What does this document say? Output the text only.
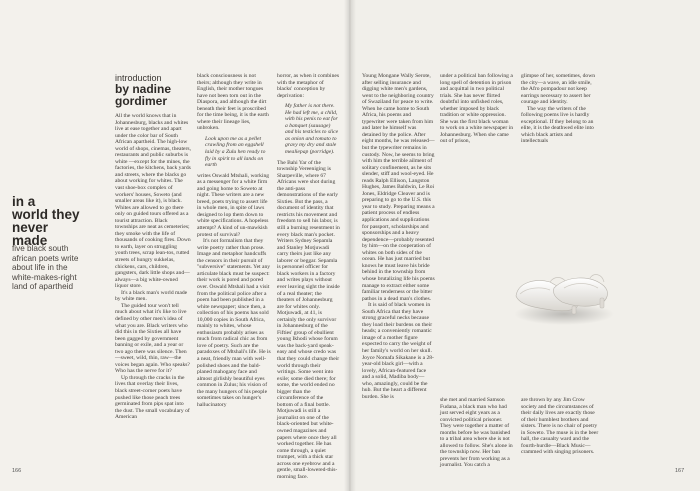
introduction
by nadine
gordimer
in a
world they
never
made
five black south
african poets write
about life in the
white-makes-right
land of apartheid

All the world knows that in Johannesburg, blacks and whites live at ease together and apart under the color bar of South African apartheid. The high-low world of shops, cinemas, theaters, restaurants and public suburbs is white —except for the mines, the factories, the kitchens, back yards and streets, where the blacks go about working for whites. The vast shoe-box complex of workers' houses, Soweto (and smaller areas like it), is black. Whites are allowed to go there only on guided tours offered as a tourist attraction. Black townships are neat as cemeteries; they smoke with the life of thousands of cooking fires. Down to earth, layer on struggling youth trees, scrap lean-tos, rutted streets of hungry sukkelas, chickens, cars, children, gangsters, dark little shops and—always—a big white-owned liquor store.

It's a black man's world made by white men.

The guided tour won't tell much about what it's like to live defined by other men's idea of what you are. Black writers who did this in the Sixties all have been gagged by government banning or exile, and a year or two ago there was silence. Then—sweet, wild, thin, raw—the voices began again. Who speaks? Who has the nerve for it?

Up through the cracks in the lives that overlay their lives, black street-corner poets have pushed like those peach trees germinated from pips spat into the dust. The small vocabulary of American

black consciousness is not theirs; although they write in English, their mother tongues have not been torn out in the Diaspora, and although the dirt beneath their feet is proscribed for the time being, it is the earth where their lineage lies, unbroken.

Look upon me as a pellet crawling from an eggshell laid by a Zulu hen ready to fly in spirit to all lands on earth

writes Oswald Mtshali, working as a messenger for a white firm and going home to Soweto at night. These writers are a new breed, poets trying to assert life in whole men, in spite of laws designed to lop them down to white specifications. A hopeless attempt? A kind of un-mawkish protest of survival?

It's not formalism that they write poetry rather than prose. Image and metaphor handcuffs the censors in their pursuit of "subversive" statements. Yet any articulate black must be suspect: their work is pored and pored over. Oswald Mtshali had a visit from the political police after a poem had been published in a white newspaper; since then, a collection of his poems has sold 10,000 copies in South Africa, mainly to whites, whose enthusiasm probably arises as much from radical chic as from love of poetry. Such are the paradoxes of Mtshali's life. He is a neat, friendly man with well-polished shoes and the bald-planed mahogany face and almost girlishly beautiful eyes common in Zulus; his vision of the many hungers of his people sometimes takes on hunger's hallucinatory

horror, as when it combines with the metaphor of blacks' conception by deprivation:

My father is not there. He had left me, a child, with his penis to eat for a banquet (sausage) and his testicles to slice as onion and tomato to gravy my dry and stale mealiepap (porridge).

The Bahi Yar of the township Vereeniging is Sharpeville, where 67 Africans were shot during the anti-pass demonstrations of the early Sixties. But the pass, a document of identity that restricts his movement and freedom to sell his labor, is still a burning resentment in every black man's pocket. Writers Sydney Sepamla and Stanley Motjuwadi carry theirs just like any laborer or beggar. Sepamla is personnel officer for black workers in a factory and writes plays without ever leaving sight the inside of a real theater; the theaters of Johannesburg are for whites only. Motjuwadi, at 41, is certainly the only survivor in Johannesburg of the Fifties' group of ebullient young Ikhodi whose forum was the back-yard speak-easy and whose credo was that they could change their world through their writings. Some went into exile; some died there; for some, the world ended no bigger than the circumference of the bottom of a final bottle. Motjuwadi is still a journalist on one of the black-oriented but white-owned magazines and papers where once they all worked together. He has come through, a quiet trumpet, with a thick star across one eyebrow and a gentle, small-lowered-this-morning face.

Young Mongane Wally Serote, after selling insurance and digging white men's gardens, went to the neighboring country of Swaziland for peace to write. When he came home to South Africa, his poems and typewriter were taken from him and later he himself was detained by the police. After eight months, he was released—but the typewriter remains in custody. Now, he seems to bring with him the terrible ailment of solitary confinement, as he sits slender, stiff and wool-eyed. He reads Ralph Ellison, Langston Hughes, James Baldwin, Le Roi Jones, Eldridge Cleaver and is preparing to go to the U.S. this year to study. Preparing means a patient process of endless applications and supplications for passport, scholarships and sponsorships and a heavy dependence—probably resented by him—on the cooperation of whites on both sides of the ocean. He has just married but knows he must leave his bride behind in the township from whose brutalizing life his poems manage to extract either some familiar tenderness or the bitter pathos in a dead man's clothes.

It is said of black women in South Africa that they have strong graceful necks because they load their burdens on their heads; a conveniently romantic image of a mother figure expected to carry the weight of her family's world on her skull. Joyce Nomafa Sikakane is a 28-year-old black girl—with a lovely, African-featured face and a solid, Madiba body—who, amazingly, could be the hub. But the heart a different burden. She is

under a political ban following a long spell of detention in prison and acquittal in two political trials. She has never flirted doubtful into unfished roles, whether imposed by black tradition or white oppression. She was the first black woman to work on a white newspaper in Johannesburg. When she came out of prison,

she met and married Samson Fudana, a black man who had just served eight years as a convicted political prisoner. They were together a matter of months before he was banished to a tribal area where she is not allowed to follow. She's alone in the township now. Her ban prevents her from working as a journalist. You catch a

glimpse of her, sometimes, down the city—a wave, an idle smile, the Afro pompadour not keep earrings necessary to assert her courage and identity.

The way the writers of the following poems live is hardly exceptional. If they belong to an elite, it is the deathwed elite into which black artists and intellectuals

are thrown by any Jim Crow society and the circumstances of their daily lives are exactly those of their humblest brothers and sisters. There is no chair of poetry in Soweto. The muse is in the beer hall, the casualty ward and the fourth-hurdle—Black Music—crammed with singing prisoners.

166	167
